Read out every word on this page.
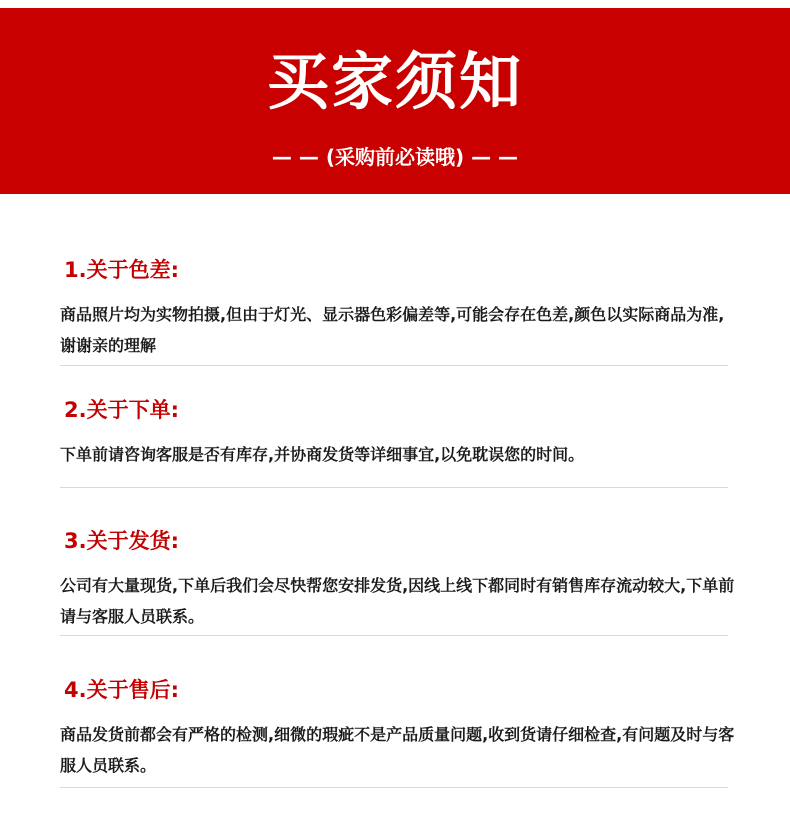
买家须知
— — (采购前必读哦) — —
1.关于色差:
商品照片均为实物拍摄,但由于灯光、显示器色彩偏差等,可能会存在色差,颜色以实际商品为准,谢谢亲的理解
2.关于下单:
下单前请咨询客服是否有库存,并协商发货等详细事宜,以免耽误您的时间。
3.关于发货:
公司有大量现货,下单后我们会尽快帮您安排发货,因线上线下都同时有销售库存流动较大,下单前请与客服人员联系。
4.关于售后:
商品发货前都会有严格的检测,细微的瑕疵不是产品质量问题,收到货请仔细检查,有问题及时与客服人员联系。
